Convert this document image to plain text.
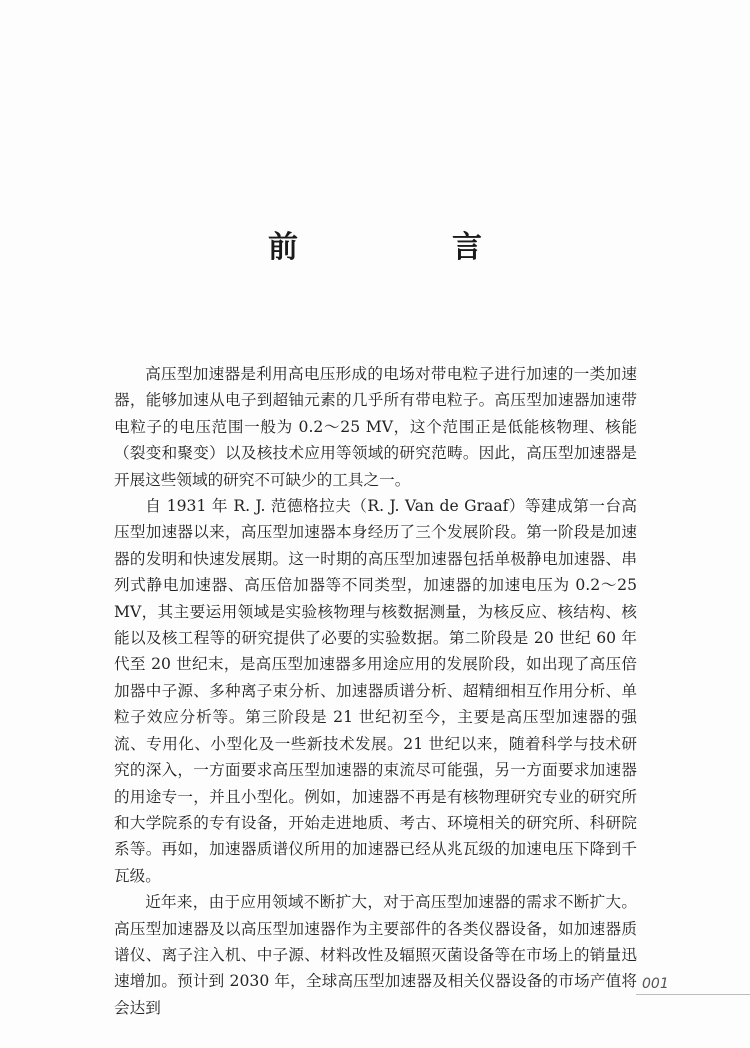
前　言

高压型加速器是利用高电压形成的电场对带电粒子进行加速的一类加速器，能够加速从电子到超铀元素的几乎所有带电粒子。高压型加速器加速带电粒子的电压范围一般为 0.2～25 MV，这个范围正是低能核物理、核能（裂变和聚变）以及核技术应用等领域的研究范畴。因此，高压型加速器是开展这些领域的研究不可缺少的工具之一。

自 1931 年 R. J. 范德格拉夫（R. J. Van de Graaf）等建成第一台高压型加速器以来，高压型加速器本身经历了三个发展阶段。第一阶段是加速器的发明和快速发展期。这一时期的高压型加速器包括单极静电加速器、串列式静电加速器、高压倍加器等不同类型，加速器的加速电压为 0.2～25 MV，其主要运用领域是实验核物理与核数据测量，为核反应、核结构、核能以及核工程等的研究提供了必要的实验数据。第二阶段是 20 世纪 60 年代至 20 世纪末，是高压型加速器多用途应用的发展阶段，如出现了高压倍加器中子源、多种离子束分析、加速器质谱分析、超精细相互作用分析、单粒子效应分析等。第三阶段是 21 世纪初至今，主要是高压型加速器的强流、专用化、小型化及一些新技术发展。21 世纪以来，随着科学与技术研究的深入，一方面要求高压型加速器的束流尽可能强，另一方面要求加速器的用途专一，并且小型化。例如，加速器不再是有核物理研究专业的研究所和大学院系的专有设备，开始走进地质、考古、环境相关的研究所、科研院系等。再如，加速器质谱仪所用的加速器已经从兆瓦级的加速电压下降到千瓦级。

近年来，由于应用领域不断扩大，对于高压型加速器的需求不断扩大。高压型加速器及以高压型加速器作为主要部件的各类仪器设备，如加速器质谱仪、离子注入机、中子源、材料改性及辐照灭菌设备等在市场上的销量迅速增加。预计到 2030 年，全球高压型加速器及相关仪器设备的市场产值将会达到

001
